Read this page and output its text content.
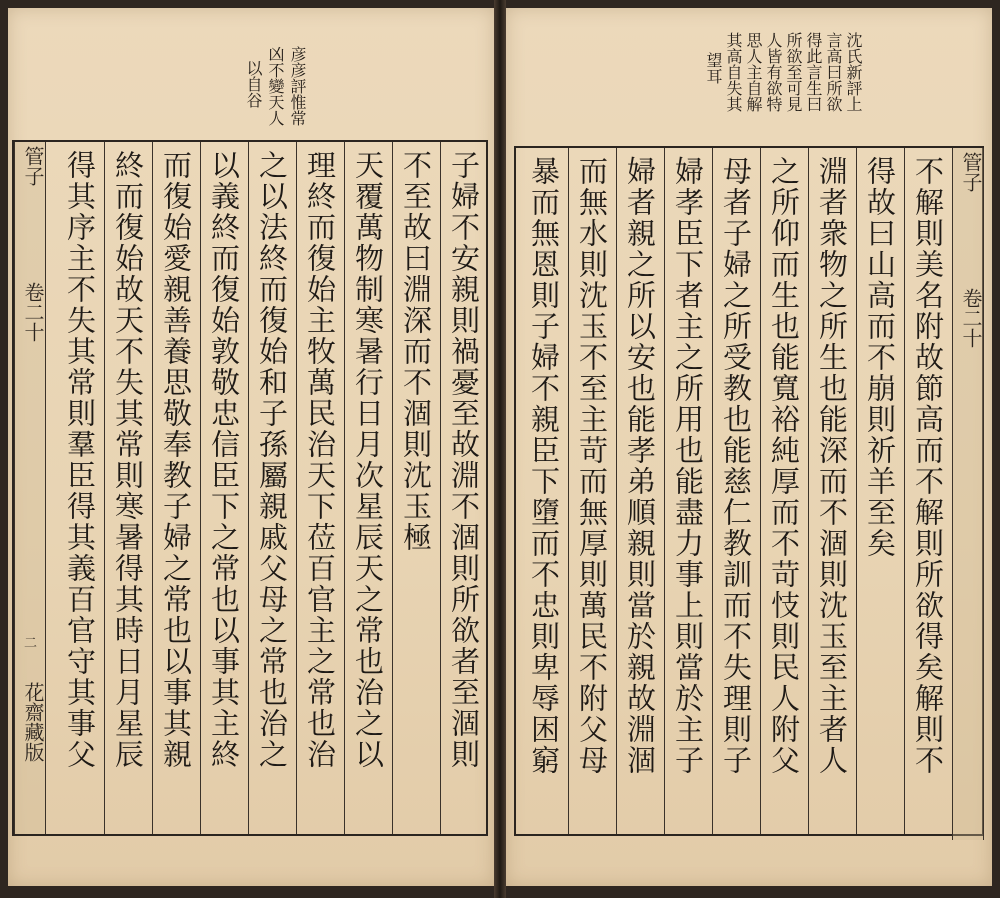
彦彦評惟常
凶不變天人
以自谷
管子
卷二十
二
花齋藏版	子婦不安親則禍憂至故淵不涸則所欲者至涸則
不至故曰淵深而不涸則沈玉極
天覆萬物制寒暑行日月次星辰天之常也治之以
理終而復始主牧萬民治天下莅百官主之常也治
之以法終而復始和子孫屬親戚父母之常也治之
以義終而復始敦敬忠信臣下之常也以事其主終
而復始愛親善養思敬奉教子婦之常也以事其親
終而復始故天不失其常則寒暑得其時日月星辰
得其序主不失其常則羣臣得其義百官守其事父
沈氏新評上
言高曰所欲
得此言生曰
所欲至可見
人皆有欲特
思人主自解
其高自失其
望耳
管子
卷二十
不解則美名附故節高而不解則所欲得矣解則不
得故曰山高而不崩則祈羊至矣
淵者衆物之所生也能深而不涸則沈玉至主者人
之所仰而生也能寬裕純厚而不苛忮則民人附父
母者子婦之所受教也能慈仁教訓而不失理則子
婦孝臣下者主之所用也能盡力事上則當於主子
婦者親之所以安也能孝弟順親則當於親故淵涸
而無水則沈玉不至主苛而無厚則萬民不附父母
暴而無恩則子婦不親臣下墮而不忠則卑辱困窮
